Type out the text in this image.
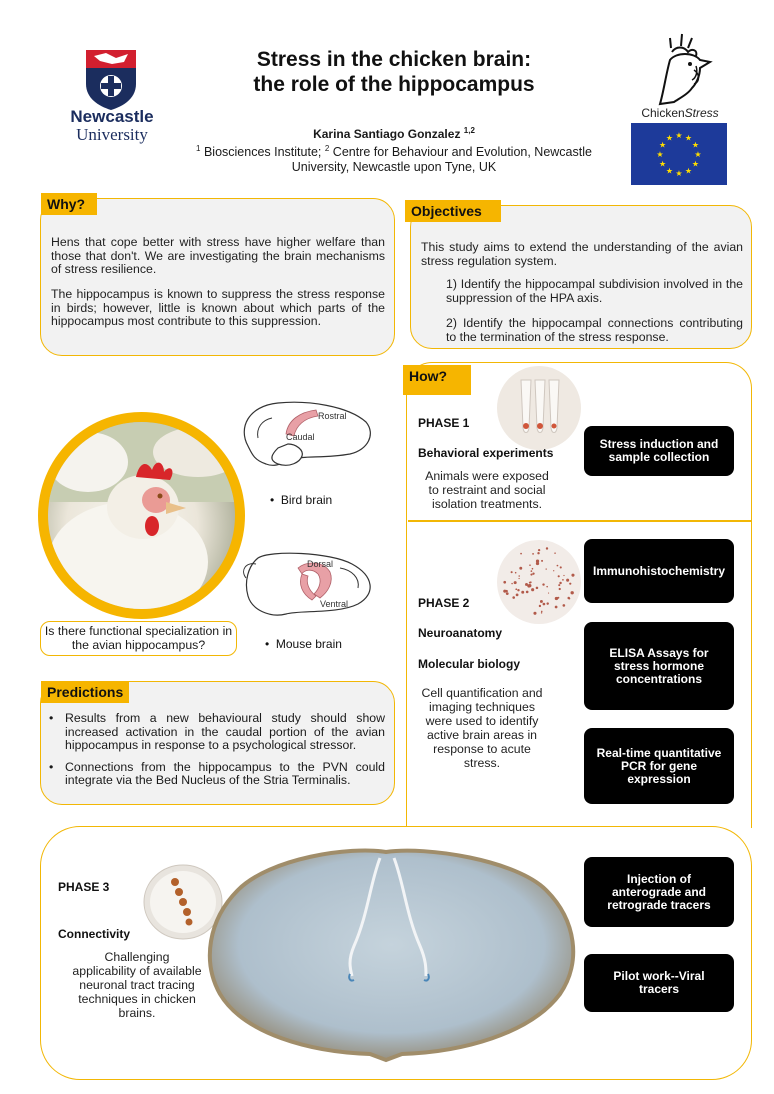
Newcastle
University
Stress in the chicken brain:
the role of the hippocampus
Karina Santiago Gonzalez $^{1,2}$
$^1$ Biosciences Institute; $^2$ Centre for Behaviour and Evolution, Newcastle University, Newcastle upon Tyne, UK
ChickenStress
★ ★
★
★
★
★
★
★
★
★
★
★
Why?
Hens that cope better with stress have higher welfare than those that don't. We are investigating the brain mechanisms of stress resilience.
The hippocampus is known to suppress the stress response in birds; however, little is known about which parts of the hippocampus most contribute to this suppression.
Objectives
This study aims to extend the understanding of the avian stress regulation system.
1) Identify the hippocampal subdivision involved in the suppression of the HPA axis.
2) Identify the hippocampal connections contributing to the termination of the stress response.
Rostral
Caudal
•  Bird brain
Dorsal
Ventral
•  Mouse brain
Is there functional specialization in the avian hippocampus?
Predictions
• Results from a new behavioural study should show increased activation in the caudal portion of the avian hippocampus in response to a psychological stressor.
• Connections from the hippocampus to the PVN could integrate via the Bed Nucleus of the Stria Terminalis.
How?
PHASE 1
Behavioral experiments
Animals were exposed to restraint and social isolation treatments.
Stress induction and sample collection
PHASE 2
Neuroanatomy
Molecular biology
Cell quantification and imaging techniques were used to identify active brain areas in response to acute stress.
Immunohistochemistry
ELISA Assays for stress hormone concentrations
Real-time quantitative PCR for gene expression
PHASE 3
Connectivity
Challenging applicability of available neuronal tract tracing techniques in chicken brains.
Injection of anterograde and retrograde tracers
Pilot work--Viral tracers
